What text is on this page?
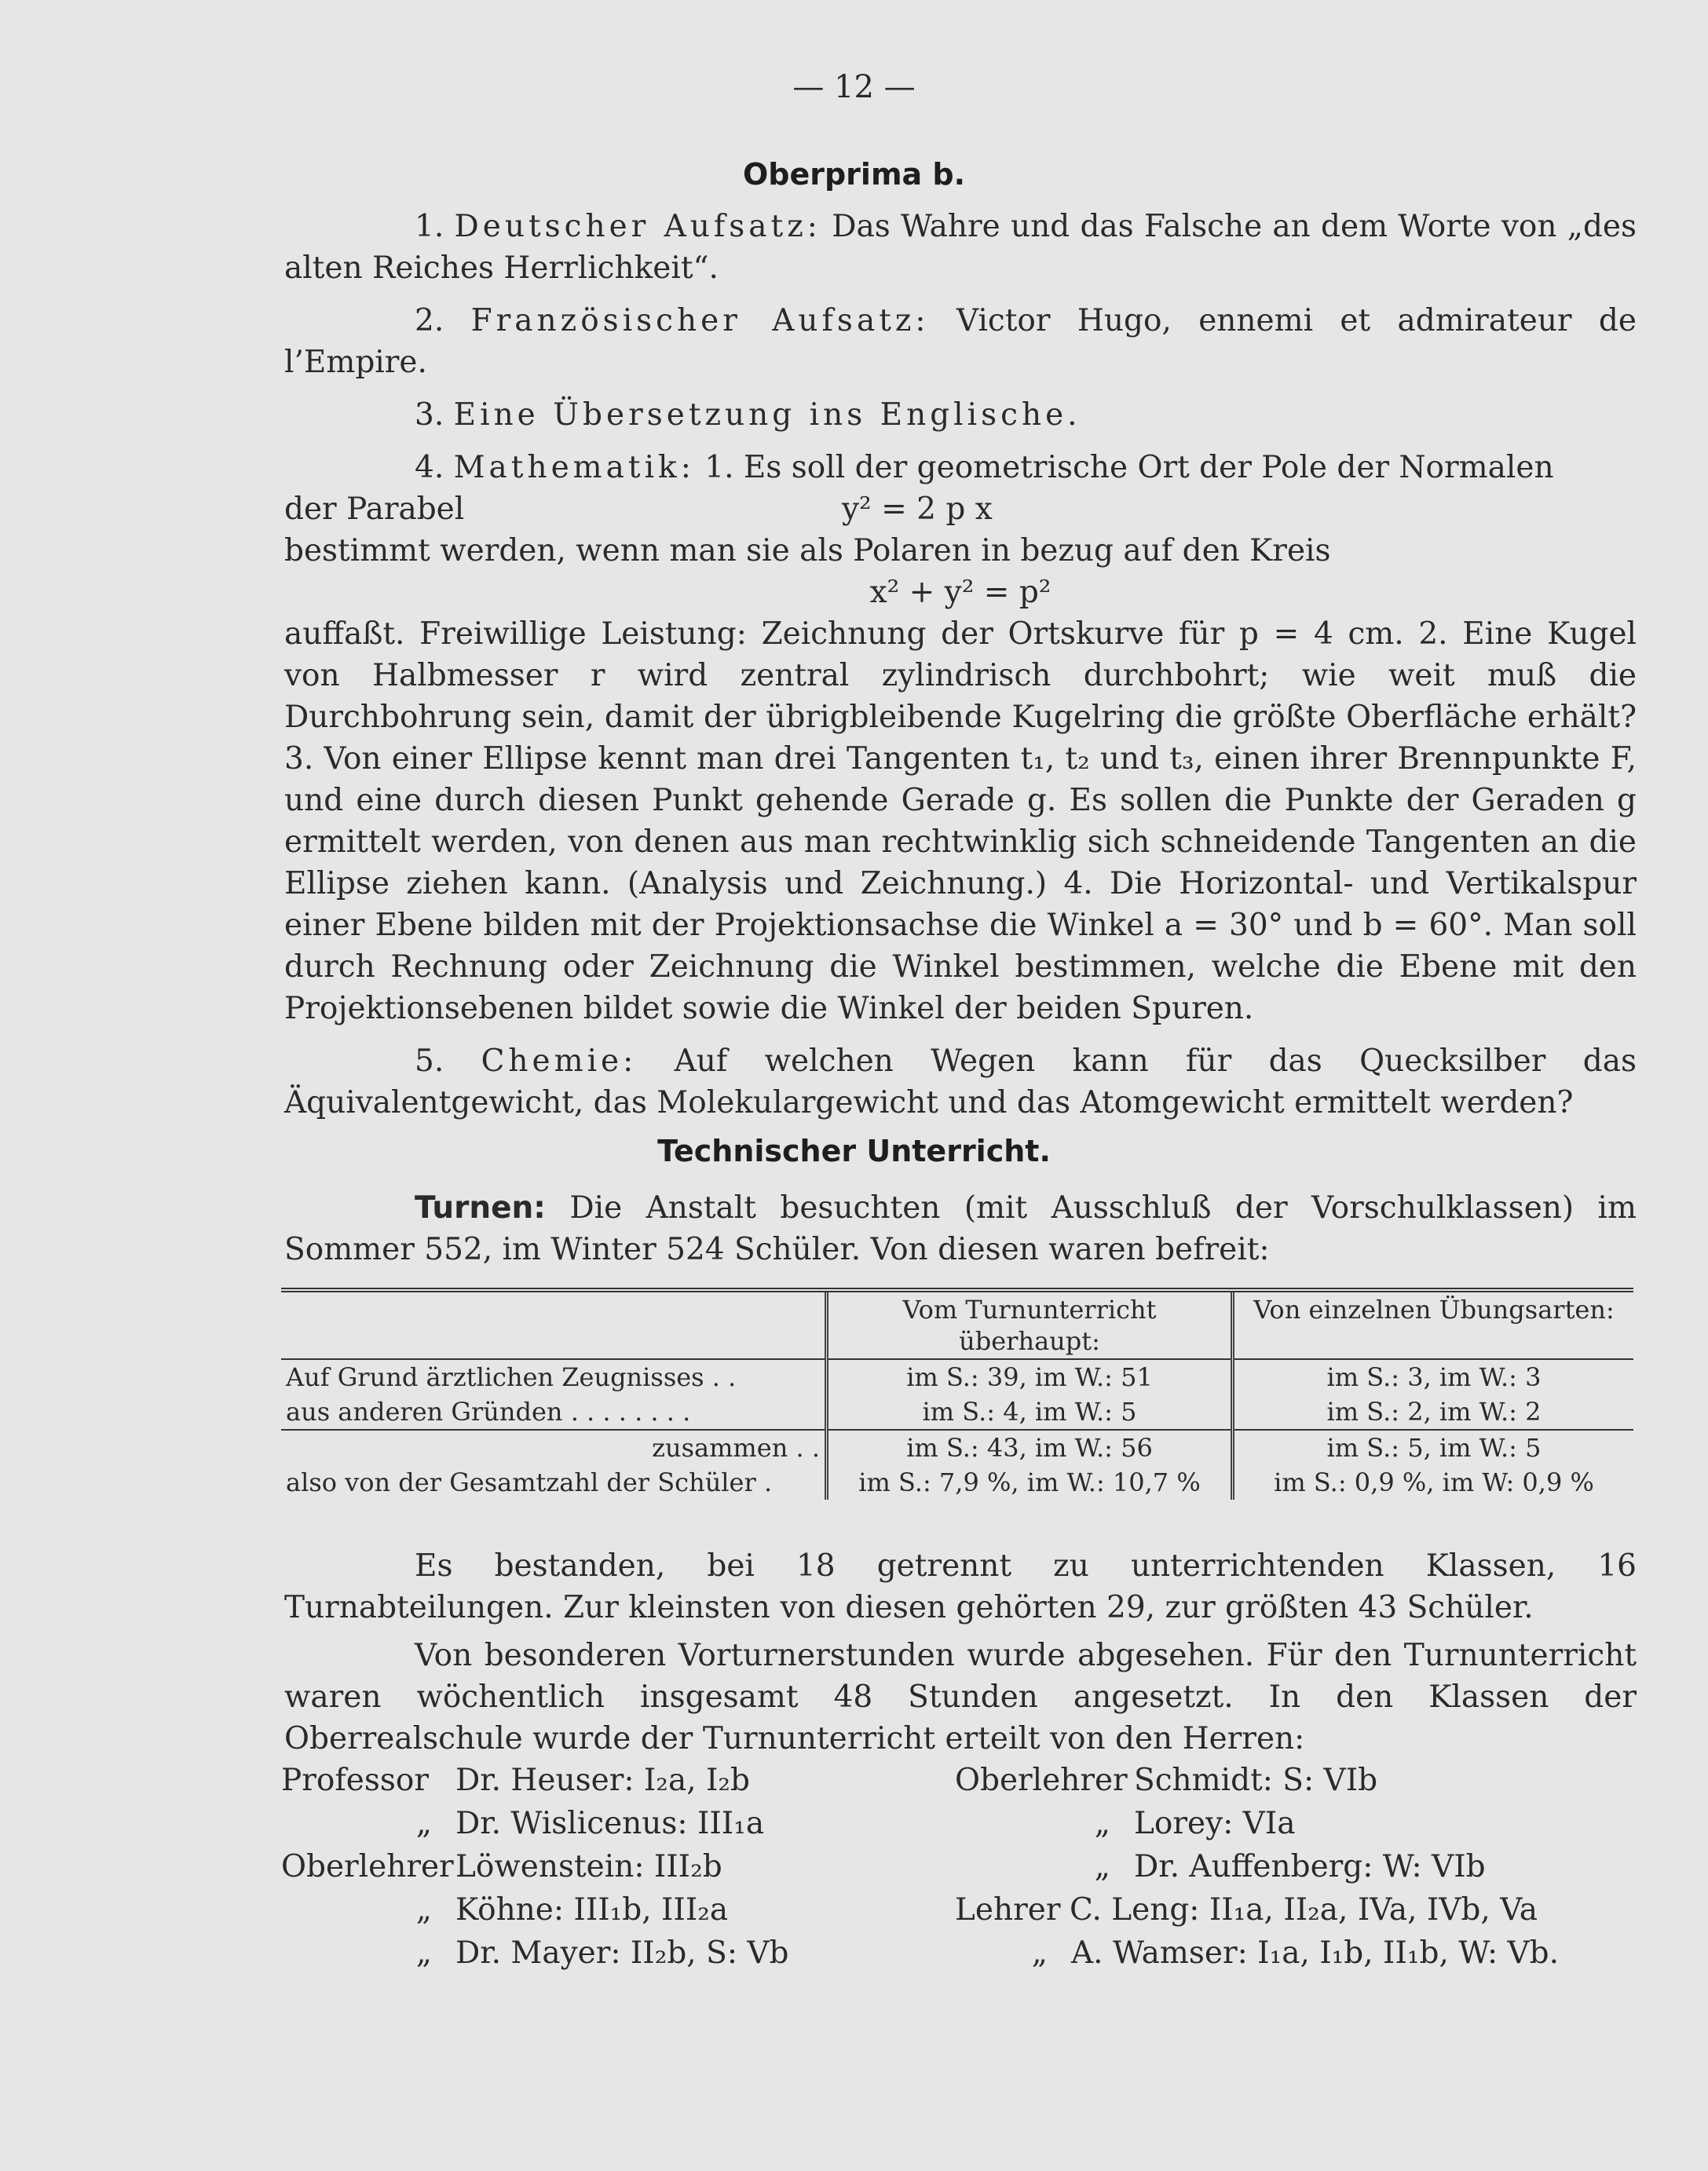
— 12 —
Oberprima b.

1. Deutscher Aufsatz: Das Wahre und das Falsche an dem Worte von „des alten Reiches Herrlichkeit“.

2. Französischer Aufsatz: Victor Hugo, ennemi et admirateur de l’Empire.

3. Eine Übersetzung ins Englische.

4. Mathematik: 1. Es soll der geometrische Ort der Pole der Normalen

der Parabel	y² = 2 p x

bestimmt werden, wenn man sie als Polaren in bezug auf den Kreis

x² + y² = p²

auffaßt. Freiwillige Leistung: Zeichnung der Ortskurve für p = 4 cm. 2. Eine Kugel von Halbmesser r wird zentral zylindrisch durchbohrt; wie weit muß die Durchbohrung sein, damit der übrigbleibende Kugelring die größte Oberfläche erhält? 3. Von einer Ellipse kennt man drei Tangenten t₁, t₂ und t₃, einen ihrer Brennpunkte F, und eine durch diesen Punkt gehende Gerade g. Es sollen die Punkte der Geraden g ermittelt werden, von denen aus man rechtwinklig sich schneidende Tangenten an die Ellipse ziehen kann. (Analysis und Zeichnung.) 4. Die Horizontal- und Vertikalspur einer Ebene bilden mit der Projektionsachse die Winkel a = 30° und b = 60°. Man soll durch Rechnung oder Zeichnung die Winkel bestimmen, welche die Ebene mit den Projektionsebenen bildet sowie die Winkel der beiden Spuren.

5. Chemie: Auf welchen Wegen kann für das Quecksilber das Äquivalentgewicht, das Molekulargewicht und das Atomgewicht ermittelt werden?

Technischer Unterricht.

Turnen: Die Anstalt besuchten (mit Ausschluß der Vorschulklassen) im Sommer 552, im Winter 524 Schüler. Von diesen waren befreit:

	Vom Turnunterricht überhaupt:	Von einzelnen Übungsarten:
Auf Grund ärztlichen Zeugnisses . .	im S.: 39, im W.: 51	im S.: 3, im W.: 3
aus anderen Gründen . . . . . . . .	im S.: 4, im W.: 5	im S.: 2, im W.: 2
zusammen . .	im S.: 43, im W.: 56	im S.: 5, im W.: 5
also von der Gesamtzahl der Schüler .	im S.: 7,9 %, im W.: 10,7 %	im S.: 0,9 %, im W: 0,9 %

Es bestanden, bei 18 getrennt zu unterrichtenden Klassen, 16 Turnabteilungen. Zur kleinsten von diesen gehörten 29, zur größten 43 Schüler.

Von besonderen Vorturnerstunden wurde abgesehen. Für den Turnunterricht waren wöchentlich insgesamt 48 Stunden angesetzt. In den Klassen der Oberrealschule wurde der Turnunterricht erteilt von den Herren:

Professor Dr. Heuser: I₂a, I₂b
„ Dr. Wislicenus: III₁a
OberlehrerLöwenstein: III₂b
„ Köhne: III₁b, III₂a
„ Dr. Mayer: II₂b, S: Vb
Oberlehrer Schmidt: S: VIb
„ Lorey: VIa
„ Dr. Auffenberg: W: VIb
Lehrer C. Leng: II₁a, II₂a, IVa, IVb, Va
„ A. Wamser: I₁a, I₁b, II₁b, W: Vb.
